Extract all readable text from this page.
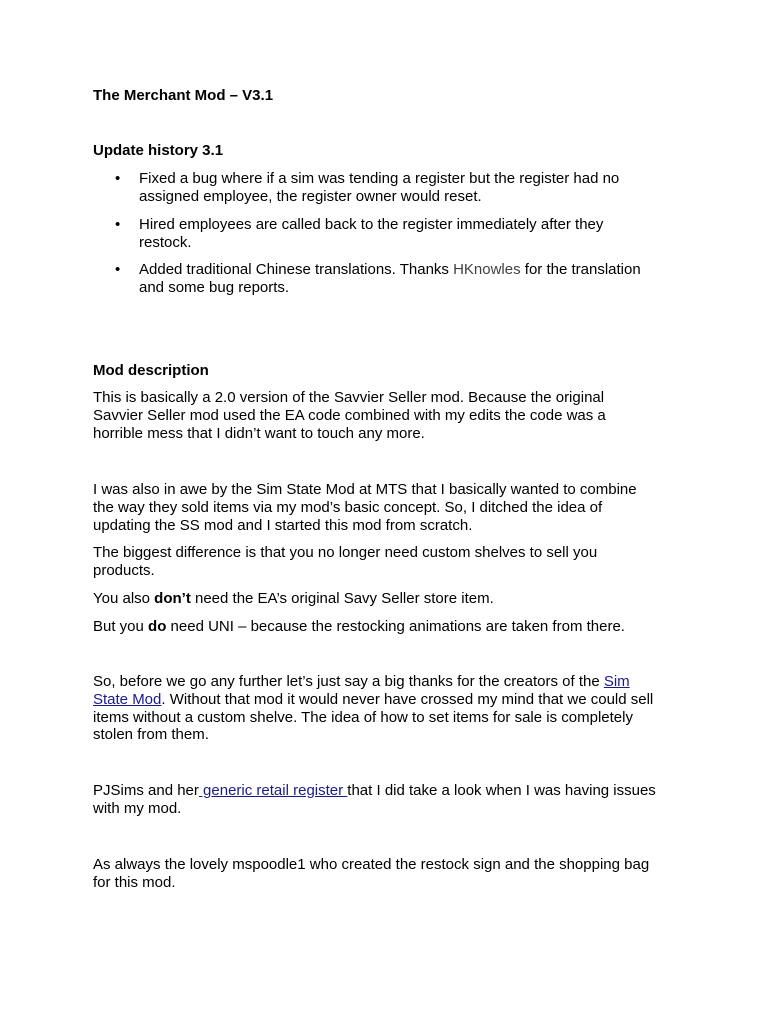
The Merchant Mod – V3.1

Update history 3.1

• Fixed a bug where if a sim was tending a register but the register had no

assigned employee, the register owner would reset.

• Hired employees are called back to the register immediately after they

restock.

• Added traditional Chinese translations. Thanks HKnowles for the translation

and some bug reports.

Mod description

This is basically a 2.0 version of the Savvier Seller mod. Because the original

Savvier Seller mod used the EA code combined with my edits the code was a

horrible mess that I didn’t want to touch any more.

I was also in awe by the Sim State Mod at MTS that I basically wanted to combine

the way they sold items via my mod’s basic concept. So, I ditched the idea of

updating the SS mod and I started this mod from scratch.

The biggest difference is that you no longer need custom shelves to sell you

products.

You also don’t need the EA’s original Savy Seller store item.

But you do need UNI – because the restocking animations are taken from there.

So, before we go any further let’s just say a big thanks for the creators of the Sim

State Mod. Without that mod it would never have crossed my mind that we could sell

items without a custom shelve. The idea of how to set items for sale is completely

stolen from them.

PJSims and her generic retail register that I did take a look when I was having issues

with my mod.

As always the lovely mspoodle1 who created the restock sign and the shopping bag

for this mod.
